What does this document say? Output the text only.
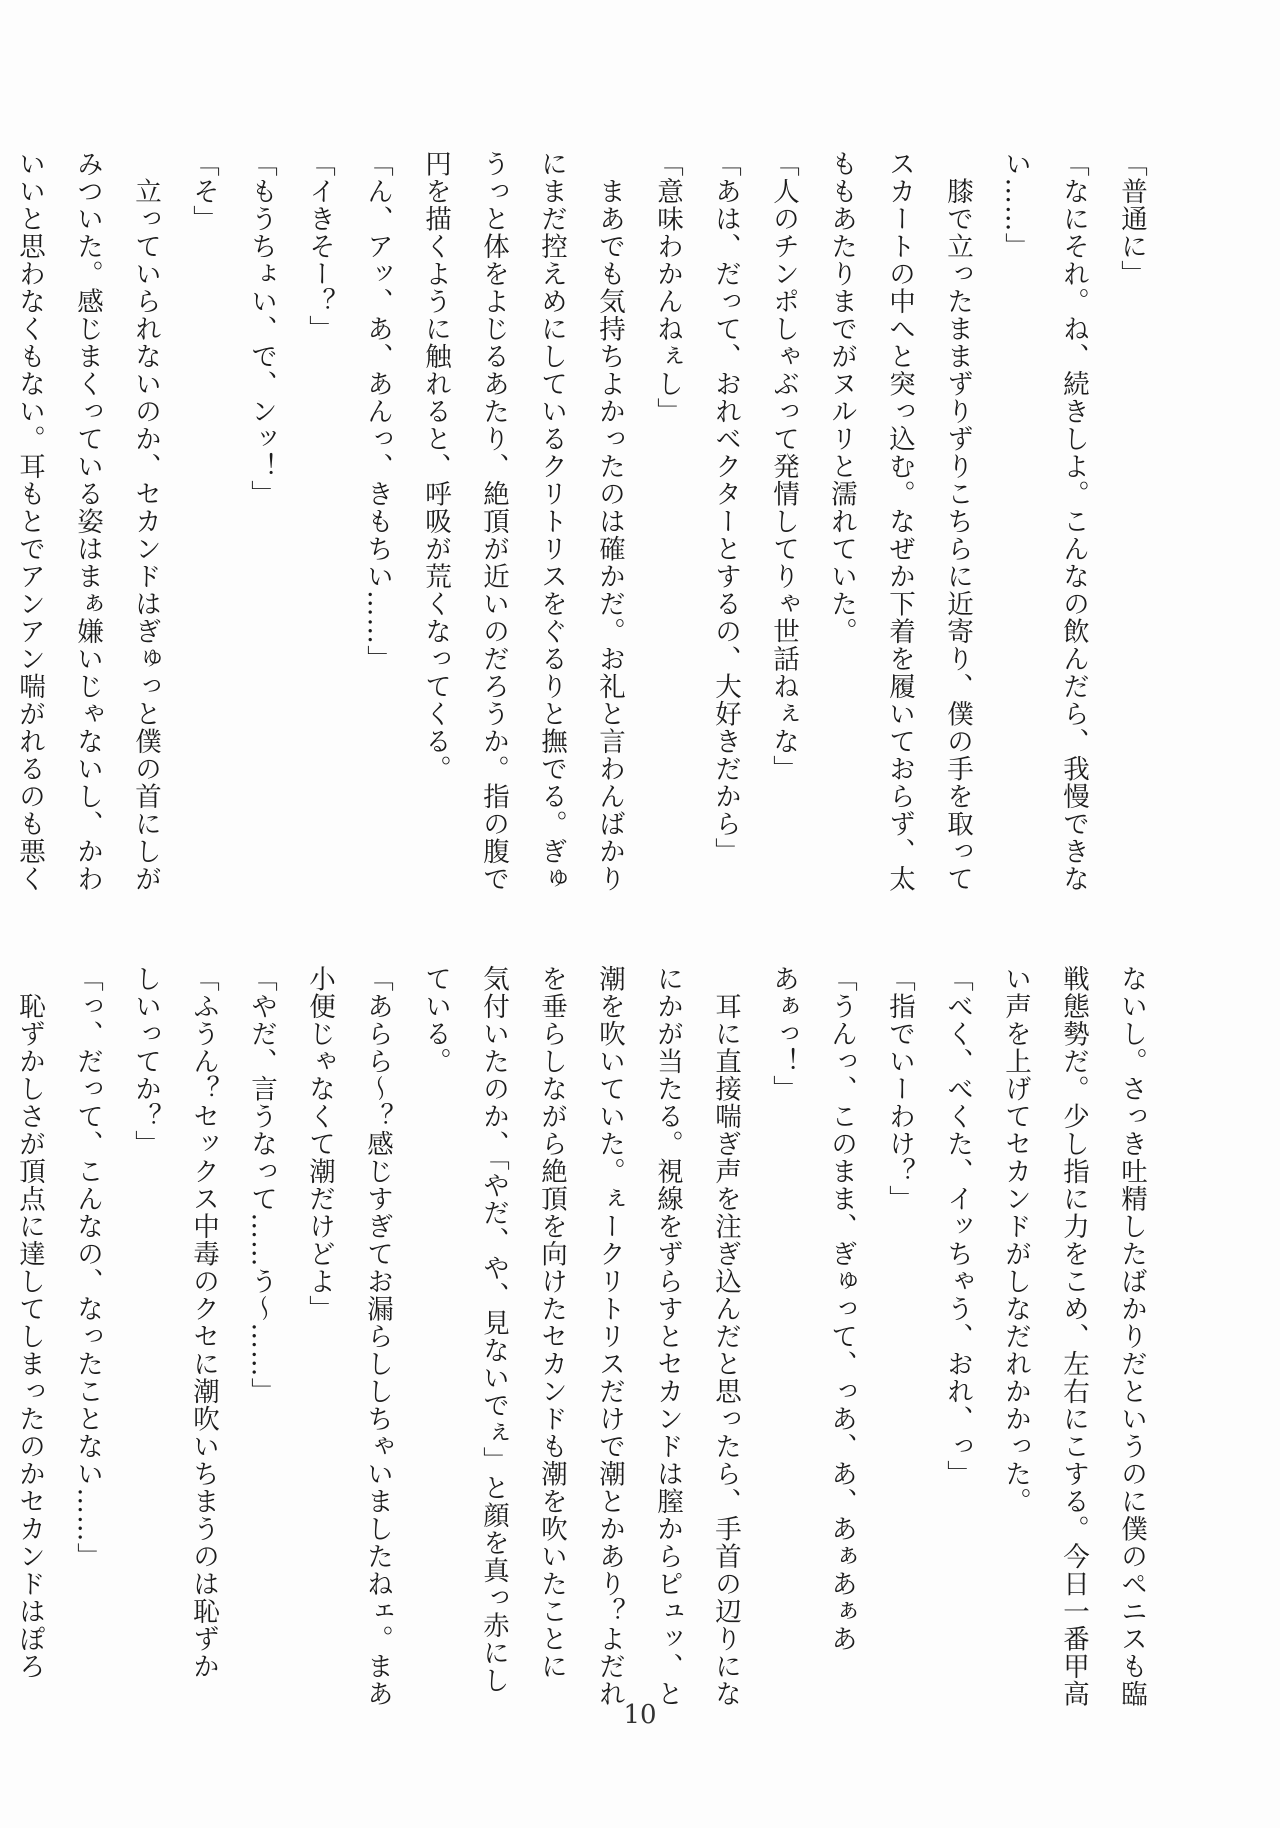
「普通に」
「なにそれ。ね、続きしよ。こんなの飲んだら、我慢できな
い……」
　膝で立ったままずりずりこちらに近寄り、僕の手を取って
スカートの中へと突っ込む。なぜか下着を履いておらず、太
ももあたりまでがヌルリと濡れていた。
「人のチンポしゃぶって発情してりゃ世話ねぇな」
「あは、だって、おれベクターとするの、大好きだから」
「意味わかんねぇし」
　まあでも気持ちよかったのは確かだ。お礼と言わんばかり
にまだ控えめにしているクリトリスをぐるりと撫でる。ぎゅ
うっと体をよじるあたり、絶頂が近いのだろうか。指の腹で
円を描くように触れると、呼吸が荒くなってくる。
「ん、アッ、あ、あんっ、きもちい……」
「イきそー？」
「もうちょい、で、ンッ！」
「そ」
　立っていられないのか、セカンドはぎゅっと僕の首にしが
みついた。感じまくっている姿はまぁ嫌いじゃないし、かわ
いいと思わなくもない。耳もとでアンアン喘がれるのも悪く
ないし。さっき吐精したばかりだというのに僕のペニスも臨
戦態勢だ。少し指に力をこめ、左右にこする。今日一番甲高
い声を上げてセカンドがしなだれかかった。
「べく、べくた、イッちゃう、おれ、っ」
「指でいーわけ？」
「うんっ、このまま、ぎゅって、っあ、あ、あぁあぁあ
あぁっ！」
　耳に直接喘ぎ声を注ぎ込んだと思ったら、手首の辺りにな
にかが当たる。視線をずらすとセカンドは膣からピュッ、と
潮を吹いていた。ぇークリトリスだけで潮とかあり？よだれ
を垂らしながら絶頂を向けたセカンドも潮を吹いたことに
気付いたのか、「やだ、や、見ないでぇ」と顔を真っ赤にし
ている。
「あらら～？感じすぎてお漏らししちゃいましたねェ。まあ
小便じゃなくて潮だけどよ」
「やだ、言うなって……う～……」
「ふうん？セックス中毒のクセに潮吹いちまうのは恥ずか
しいってか？」
「っ、だって、こんなの、なったことない……」
　恥ずかしさが頂点に達してしまったのかセカンドはぽろ
10
